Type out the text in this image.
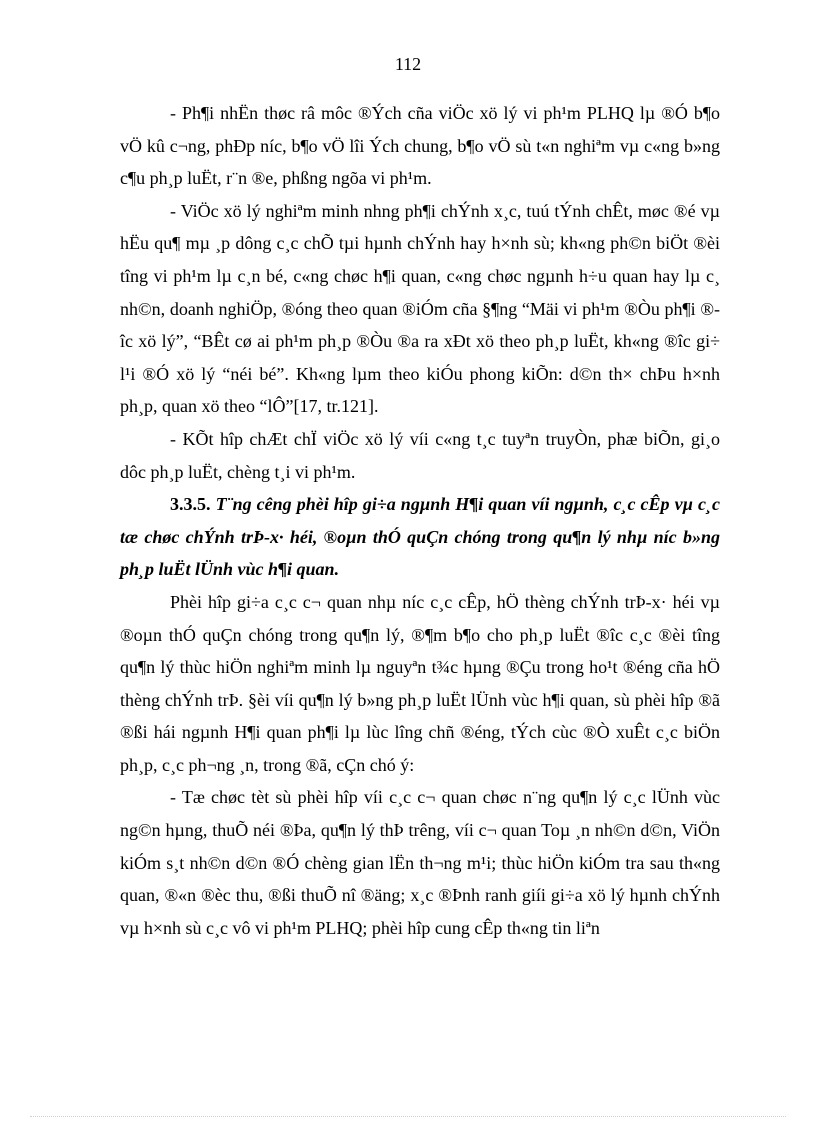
112

- Ph¶i nhËn thøc râ môc ®Ých cña viÖc xö lý vi ph¹m PLHQ lµ ®Ó b¶o vÖ kû c¬ng, phÐp níc, b¶o vÖ lîi Ých chung, b¶o vÖ sù t«n nghiªm vµ c«ng b»ng c¶u ph¸p luËt, r¨n ®e, phßng ngõa vi ph¹m.

- ViÖc xö lý nghiªm minh nhng ph¶i chÝnh x¸c, tuú tÝnh chÊt, møc ®é vµ hËu qu¶ mµ ¸p dông c¸c chÕ tµi hµnh chÝnh hay h×nh sù; kh«ng ph©n biÖt ®èi tîng vi ph¹m lµ c¸n bé, c«ng chøc h¶i quan, c«ng chøc ngµnh h÷u quan hay lµ c¸ nh©n, doanh nghiÖp, ®óng theo quan ®iÓm cña §¶ng “Mäi vi ph¹m ®Òu ph¶i ®îc xö lý”, “BÊt cø ai ph¹m ph¸p ®Òu ®a ra xÐt xö theo ph¸p luËt, kh«ng ®îc gi÷ l¹i ®Ó xö lý “néi bé”. Kh«ng lµm theo kiÓu phong kiÕn: d©n th× chÞu h×nh ph¸p, quan xö theo “lÔ”[17, tr.121].

- KÕt hîp chÆt chÏ viÖc xö lý víi c«ng t¸c tuyªn truyÒn, phæ biÕn, gi¸o dôc ph¸p luËt, chèng t¸i vi ph¹m.

3.3.5. T¨ng cêng phèi hîp gi÷a ngµnh H¶i quan víi ngµnh, c¸c cÊp vµ c¸c tæ chøc chÝnh trÞ-x· héi, ®oµn thÓ quÇn chóng trong qu¶n lý nhµ níc b»ng ph¸p luËt lÜnh vùc h¶i quan.

Phèi hîp gi÷a c¸c c¬ quan nhµ níc c¸c cÊp, hÖ thèng chÝnh trÞ-x· héi vµ ®oµn thÓ quÇn chóng trong qu¶n lý, ®¶m b¶o cho ph¸p luËt ®îc c¸c ®èi tîng qu¶n lý thùc hiÖn nghiªm minh lµ nguyªn t¾c hµng ®Çu trong ho¹t ®éng cña hÖ thèng chÝnh trÞ. §èi víi qu¶n lý b»ng ph¸p luËt lÜnh vùc h¶i quan, sù phèi hîp ®ã ®ßi hái ngµnh H¶i quan ph¶i lµ lùc lîng chñ ®éng, tÝch cùc ®Ò xuÊt c¸c biÖn ph¸p, c¸c ph¬ng ¸n, trong ®ã, cÇn chó ý:

- Tæ chøc tèt sù phèi hîp víi c¸c c¬ quan chøc n¨ng qu¶n lý c¸c lÜnh vùc ng©n hµng, thuÕ néi ®Þa, qu¶n lý thÞ trêng, víi c¬ quan Toµ ¸n nh©n d©n, ViÖn kiÓm s¸t nh©n d©n ®Ó chèng gian lËn th¬ng m¹i; thùc hiÖn kiÓm tra sau th«ng quan, ®«n ®èc thu, ®ßi thuÕ nî ®äng; x¸c ®Þnh ranh giíi gi÷a xö lý hµnh chÝnh vµ h×nh sù c¸c vô vi ph¹m PLHQ; phèi hîp cung cÊp th«ng tin liªn
